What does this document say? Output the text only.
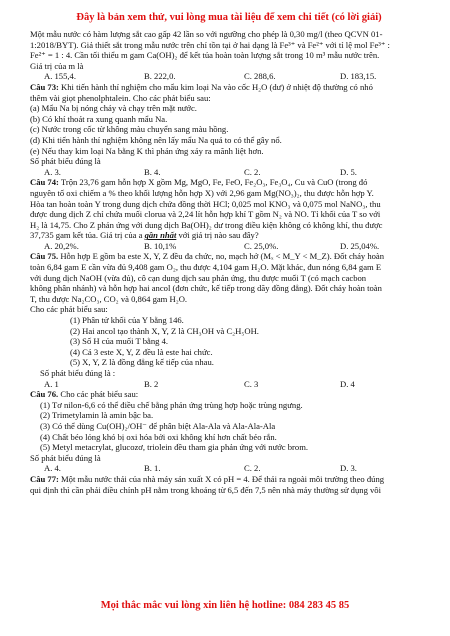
Đây là bản xem thử, vui lòng mua tài liệu để xem chi tiết (có lời giải)

Một mẫu nước có hàm lượng sắt cao gấp 42 lần so với ngưỡng cho phép là 0,30 mg/l (theo QCVN 01-

1:2018/BYT). Giả thiết sắt trong mẫu nước trên chỉ tồn tại ở hai dạng là Fe³⁺ và Fe²⁺ với tỉ lệ mol Fe³⁺ :

Fe²⁺ = 1 : 4. Cần tối thiểu m gam Ca(OH)₂ để kết tủa hoàn toàn lượng sắt trong 10 m³ mẫu nước trên.

Giá trị của m là

A. 155,4.	B. 222,0.	C. 288,6.	D. 183,15.

Câu 73: Khi tiến hành thí nghiệm cho mẩu kim loại Na vào cốc H₂O (dư) ở nhiệt độ thường có nhỏ

thêm vài giọt phenolphtalein. Cho các phát biểu sau:

(a) Mẩu Na bị nóng chảy và chạy trên mặt nước.

(b) Có khí thoát ra xung quanh mẩu Na.

(c) Nước trong cốc từ không màu chuyển sang màu hồng.

(d) Khi tiến hành thí nghiệm không nên lấy mẩu Na quá to có thể gây nổ.

(e) Nếu thay kim loại Na bằng K thì phản ứng xảy ra mãnh liệt hơn.

Số phát biểu đúng là

A. 3.	B. 4.	C. 2.	D. 5.

Câu 74: Trộn 23,76 gam hỗn hợp X gồm Mg, MgO, Fe, FeO, Fe₂O₃, Fe₃O₄, Cu và CuO (trong đó

nguyên tố oxi chiếm a % theo khối lượng hỗn hợp X) với 2,96 gam Mg(NO₃)₂, thu được hỗn hợp Y.

Hòa tan hoàn toàn Y trong dung dịch chứa đồng thời HCl; 0,025 mol KNO₃ và 0,075 mol NaNO₃, thu

được dung dịch Z chỉ chứa muối clorua và 2,24 lít hỗn hợp khí T gồm N₂ và NO. Tỉ khối của T so với

H₂ là 14,75. Cho Z phản ứng với dung dịch Ba(OH)₂ dư trong điều kiện không có không khí, thu được

37,735 gam kết tủa. Giá trị của a gần nhất với giá trị nào sau đây?

A. 20,2%.	B. 10,1%	C. 25,0%.	D. 25,04%.

Câu 75. Hỗn hợp E gồm ba este X, Y, Z đều đa chức, no, mạch hở (Mₓ < M_Y < M_Z). Đốt cháy hoàn

toàn 6,84 gam E cần vừa đủ 9,408 gam O₂, thu được 4,104 gam H₂O. Mặt khác, đun nóng 6,84 gam E

với dung dịch NaOH (vừa đủ), cô cạn dung dịch sau phản ứng, thu được muối T (có mạch cacbon

không phân nhánh) và hỗn hợp hai ancol (đơn chức, kế tiếp trong dãy đồng đẳng). Đốt cháy hoàn toàn

T, thu được Na₂CO₃, CO₂ và 0,864 gam H₂O.

Cho các phát biểu sau:

(1) Phân tử khối của Y bằng 146.

(2) Hai ancol tạo thành X, Y, Z là CH₃OH và C₂H₅OH.

(3) Số H của muối T bằng 4.

(4) Cả 3 este X, Y, Z đều là este hai chức.

(5) X, Y, Z là đồng đẳng kế tiếp của nhau.

Số phát biểu đúng là :

A. 1	B. 2	C. 3	D. 4

Câu 76. Cho các phát biểu sau:

(1) Tơ nilon-6,6 có thể điều chế bằng phản ứng trùng hợp hoặc trùng ngưng.

(2) Trimetylamin là amin bậc ba.

(3) Có thể dùng Cu(OH)₂/OH⁻ để phân biệt Ala-Ala và Ala-Ala-Ala

(4) Chất béo lỏng khó bị oxi hóa bởi oxi không khí hơn chất béo rắn.

(5) Metyl metacrylat, glucozơ, triolein đều tham gia phản ứng với nước brom.

Số phát biểu đúng là

A. 4.	B. 1.	C. 2.	D. 3.

Câu 77: Một mẫu nước thải của nhà máy sản xuất X có pH = 4. Để thải ra ngoài môi trường theo đúng

qui định thì cần phải điều chỉnh pH nằm trong khoảng từ 6,5 đến 7,5 nên nhà máy thường sử dụng vôi

Mọi thắc mắc vui lòng xin liên hệ hotline: 084 283 45 85
